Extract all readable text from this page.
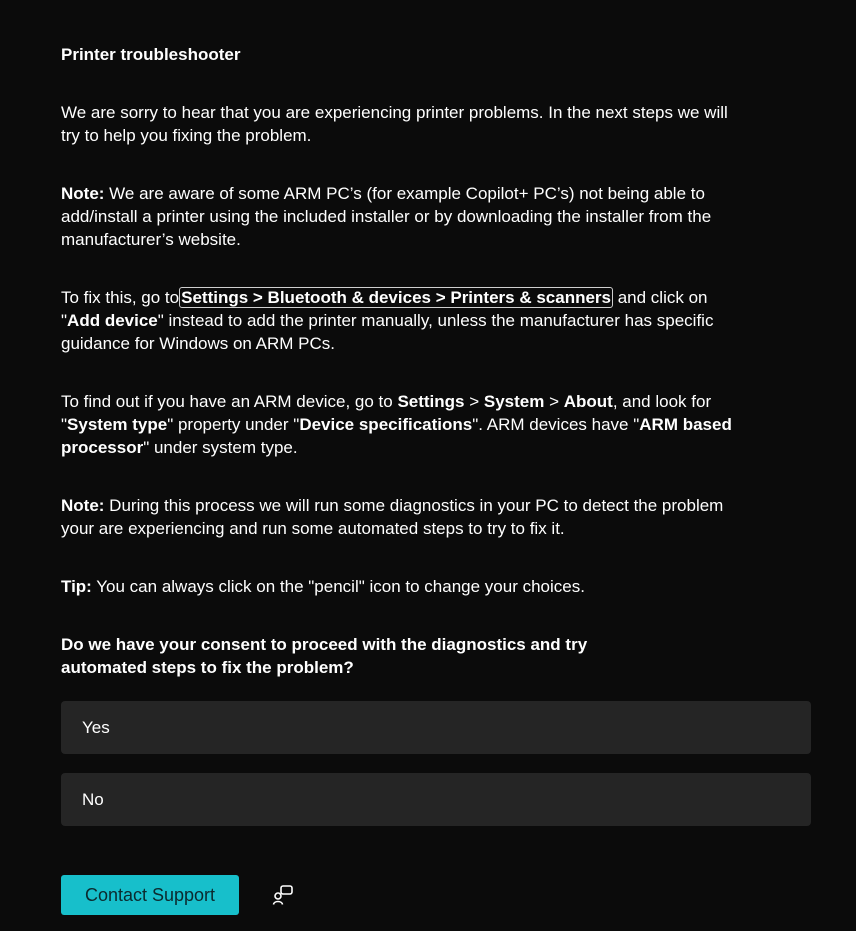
Printer troubleshooter

We are sorry to hear that you are experiencing printer problems. In the next steps we will try to help you fixing the problem.

Note: We are aware of some ARM PC’s (for example Copilot+ PC’s) not being able to add/install a printer using the included installer or by downloading the installer from the manufacturer’s website.

To fix this, go to Settings > Bluetooth & devices > Printers & scanners and click on "Add device" instead to add the printer manually, unless the manufacturer has specific guidance for Windows on ARM PCs.

To find out if you have an ARM device, go to Settings > System > About, and look for "System type" property under "Device specifications". ARM devices have "ARM based processor" under system type.

Note: During this process we will run some diagnostics in your PC to detect the problem your are experiencing and run some automated steps to try to fix it.

Tip: You can always click on the "pencil" icon to change your choices.

Do we have your consent to proceed with the diagnostics and try automated steps to fix the problem?
Yes
No
Contact Support
